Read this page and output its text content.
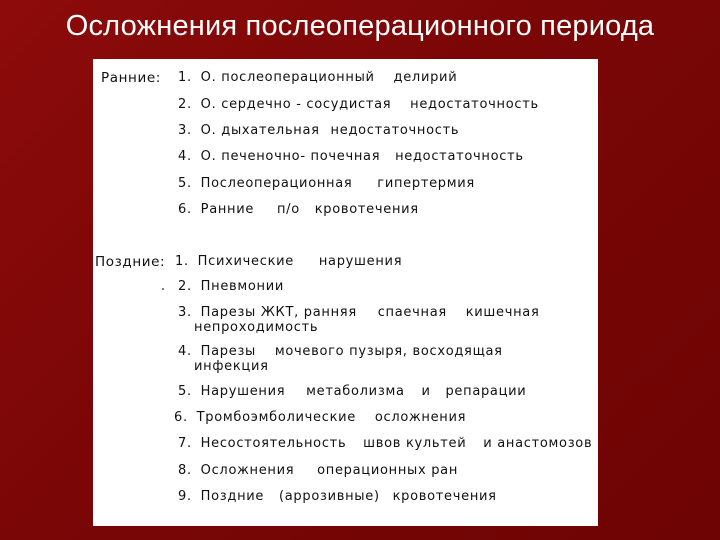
Осложнения послеоперационного периода
Ранние: 1. О. послеоперационный делирий
2. О. сердечно - сосудистая недостаточность
3. О. дыхательная недостаточность
4. О. печеночно- почечная недостаточность
5. Послеоперационная гипертермия
6. Ранние п/о кровотечения
Поздние: 1. Психические нарушения
2. Пневмонии
3. Парезы ЖКТ, ранняя спаечная кишечная
непроходимость
4. Парезы мочевого пузыря, восходящая
инфекция
5. Нарушения метаболизма и репарации
6. Тромбоэмболические осложнения
7. Несостоятельность швов культей и анастомозов
8. Осложнения операционных ран
9. Поздние (аррозивные) кровотечения
